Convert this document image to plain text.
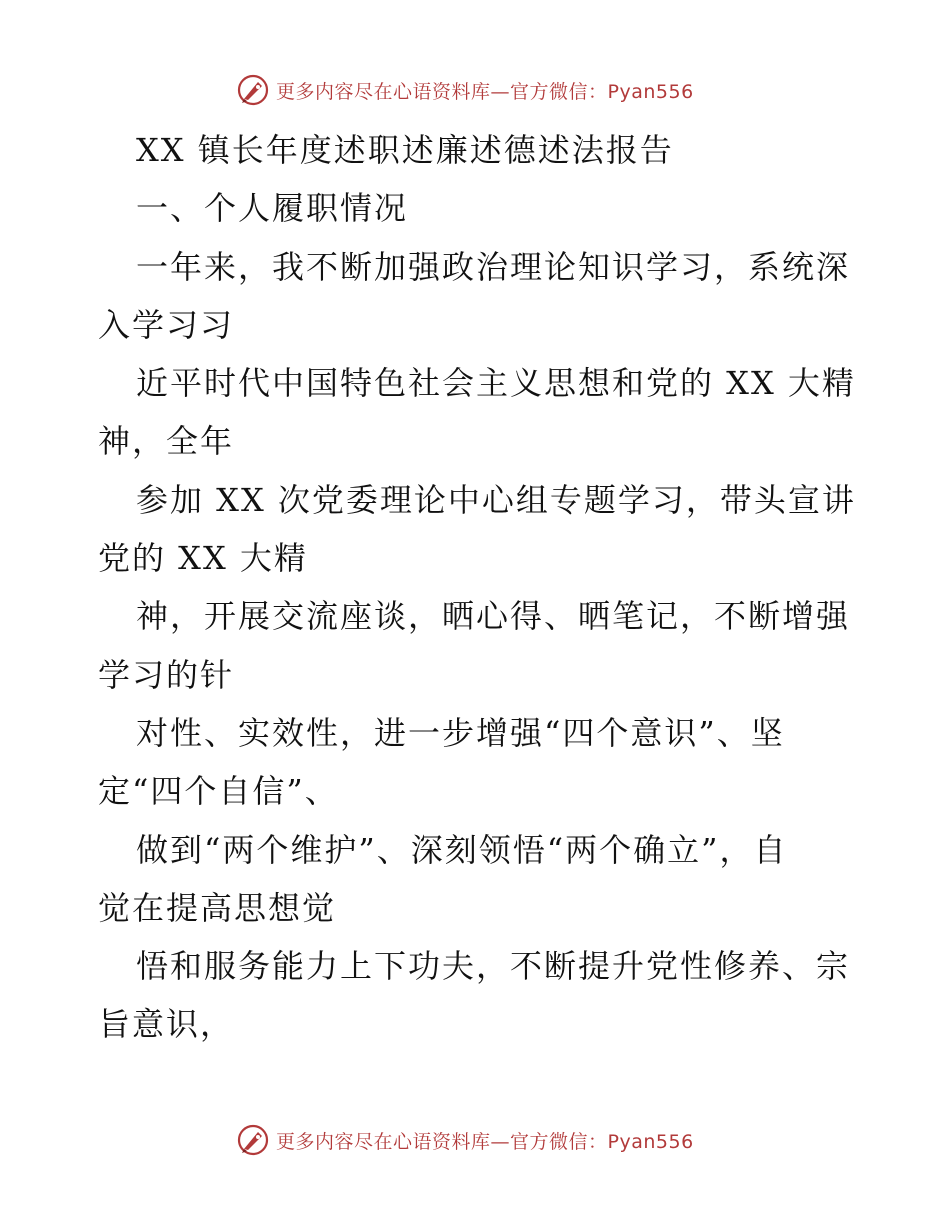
更多内容尽在心语资料库—官方微信：Pyan556
XX 镇长年度述职述廉述德述法报告
一、个人履职情况
一年来，我不断加强政治理论知识学习，系统深
入学习习
近平时代中国特色社会主义思想和党的 XX 大精
神，全年
参加 XX 次党委理论中心组专题学习，带头宣讲
党的 XX 大精
神，开展交流座谈，晒心得、晒笔记，不断增强
学习的针
对性、实效性，进一步增强“四个意识”、坚
定“四个自信”、
做到“两个维护”、深刻领悟“两个确立”，自
觉在提高思想觉
悟和服务能力上下功夫，不断提升党性修养、宗
旨意识，
更多内容尽在心语资料库—官方微信：Pyan556
